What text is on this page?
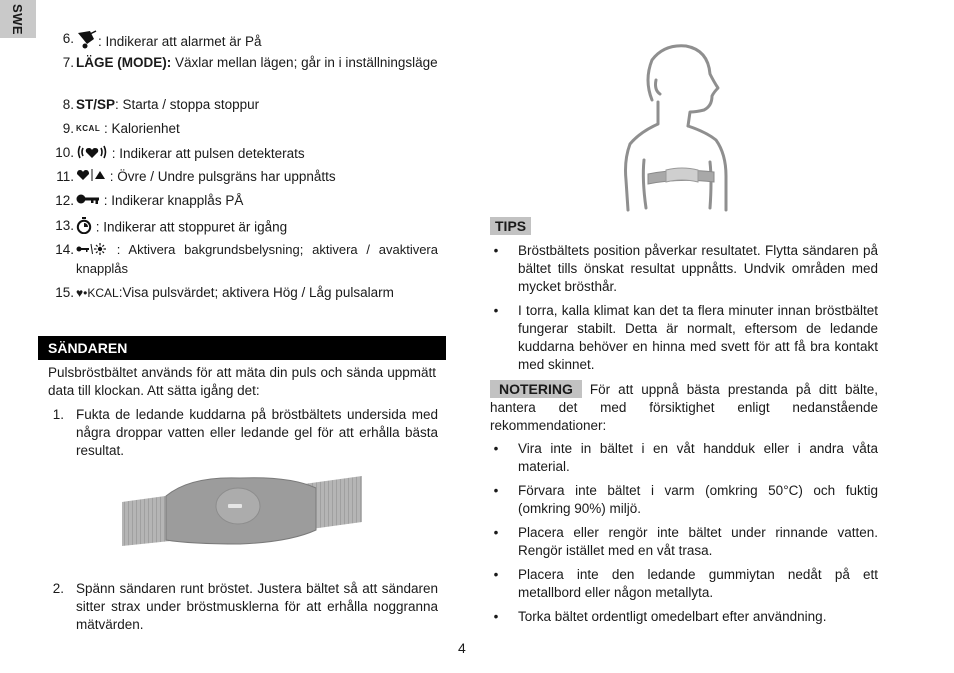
SWE
6.	: Indikerar att alarmet är På
7. LÄGE (MODE): Växlar mellan lägen; går in i inställningsläge
8. ST/SP: Starta / stoppa stoppur
9. KCAL : Kalorienhet
10.	: Indikerar att pulsen detekterats
11.	: Övre / Undre pulsgräns har uppnåtts
12.	: Indikerar knapplås PÅ
13.	: Indikerar att stoppuret är igång
14.	: Aktivera bakgrundsbelysning; aktivera / avaktivera knapplås
15. ♥•KCAL:Visa pulsvärdet; aktivera Hög / Låg pulsalarm
SÄNDAREN
Pulsbröstbältet används för att mäta din puls och sända uppmätt data till klockan. Att sätta igång det:
1. Fukta de ledande kuddarna på bröstbältets undersida med några droppar vatten eller ledande gel för att erhålla bästa resultat.
2. Spänn sändaren runt bröstet. Justera bältet så att sändaren sitter strax under bröstmusklerna för att erhålla noggranna mätvärden.
TIPS
• Bröstbältets position påverkar resultatet. Flytta sändaren på bältet tills önskat resultat uppnåtts. Undvik områden med mycket brösthår.
• I torra, kalla klimat kan det ta flera minuter innan bröstbältet fungerar stabilt. Detta är normalt, eftersom de ledande kuddarna behöver en hinna med svett för att få bra kontakt med skinnet.
NOTERING För att uppnå bästa prestanda på ditt bälte, hantera det med försiktighet enligt nedanstående rekommendationer:
• Vira inte in bältet i en våt handduk eller i andra våta material.
• Förvara inte bältet i varm (omkring 50°C) och fuktig (omkring 90%) miljö.
• Placera eller rengör inte bältet under rinnande vatten. Rengör istället med en våt trasa.
• Placera inte den ledande gummiytan nedåt på ett metallbord eller någon metallyta.
• Torka bältet ordentligt omedelbart efter användning.
4
